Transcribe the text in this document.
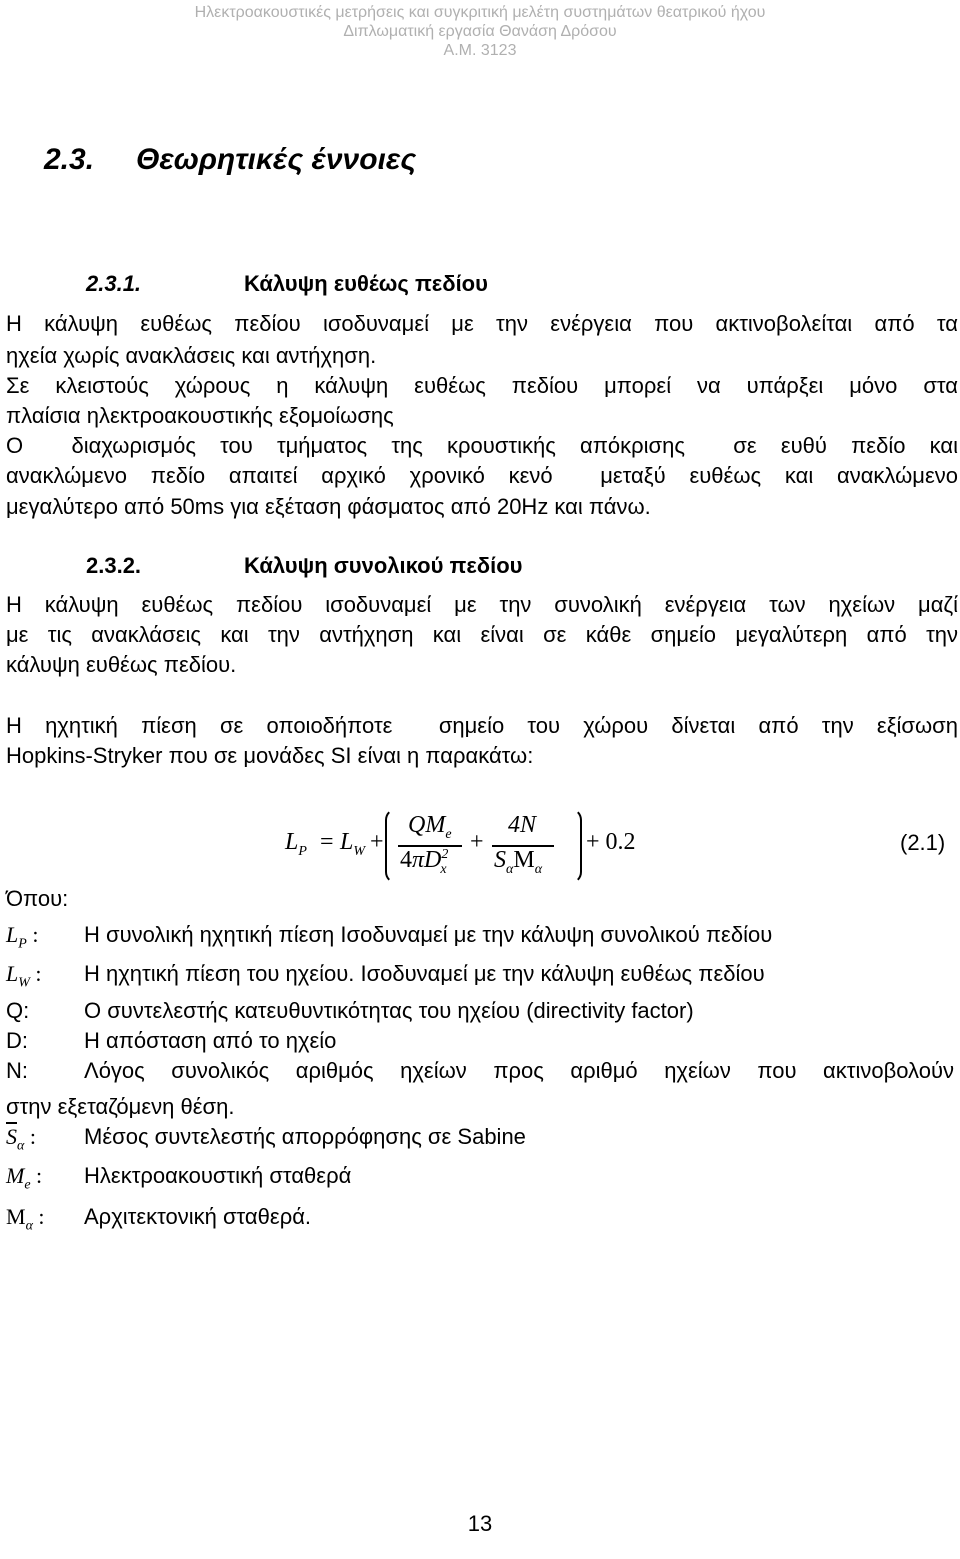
Ηλεκτροακουστικές μετρήσεις και συγκριτική μελέτη συστημάτων θεατρικού ήχου
Διπλωματική εργασία Θανάση Δρόσου
Α.Μ. 3123
2.3. Θεωρητικές έννοιες
2.3.1.	Κάλυψη ευθέως πεδίου
Η κάλυψη ευθέως πεδίου ισοδυναμεί με την ενέργεια που ακτινοβολείται από τα
ηχεία χωρίς ανακλάσεις και αντήχηση.
Σε κλειστούς χώρους η κάλυψη ευθέως πεδίου μπορεί να υπάρξει μόνο στα
πλαίσια ηλεκτροακουστικής εξομοίωσης
Ο  διαχωρισμός του τμήματος της κρουστικής απόκρισης  σε ευθύ πεδίο και
ανακλώμενο πεδίο απαιτεί αρχικό χρονικό κενό  μεταξύ ευθέως και ανακλώμενο
μεγαλύτερο από 50ms για εξέταση φάσματος από 20Hz και πάνω.
2.3.2.	Κάλυψη συνολικού πεδίου
Η κάλυψη ευθέως πεδίου ισοδυναμεί με την συνολική ενέργεια των ηχείων μαζί
με τις ανακλάσεις και την αντήχηση και είναι σε κάθε σημείο μεγαλύτερη από την
κάλυψη ευθέως πεδίου.
Η ηχητική πίεση σε οποιοδήποτε  σημείο του χώρου δίνεται από την εξίσωση
Hopkins-Stryker που σε μονάδες SI είναι η παρακάτω:
$L_P = L_W$ +
$QM_e$
$4\pi D^2_x$
+
4N
$\overline{S}_\alpha M_\alpha$
+ 0.2	(2.1)
Όπου:
$L_P$ : Η συνολική ηχητική πίεση Ισοδυναμεί με την κάλυψη συνολικού πεδίου
$L_W$ : Η ηχητική πίεση του ηχείου. Ισοδυναμεί με την κάλυψη ευθέως πεδίου
Q: Ο συντελεστής κατευθυντικότητας του ηχείου (directivity factor)
D:	Η απόσταση από το ηχείο
N:	Λόγος συνολικός αριθμός ηχείων προς αριθμό ηχείων που ακτινοβολούν
στην εξεταζόμενη θέση.
$\overline{S}_\alpha$ : Μέσος συντελεστής απορρόφησης σε Sabine
$M_e$ : Ηλεκτροακουστική σταθερά
$M_\alpha$ : Αρχιτεκτονική σταθερά.
13
